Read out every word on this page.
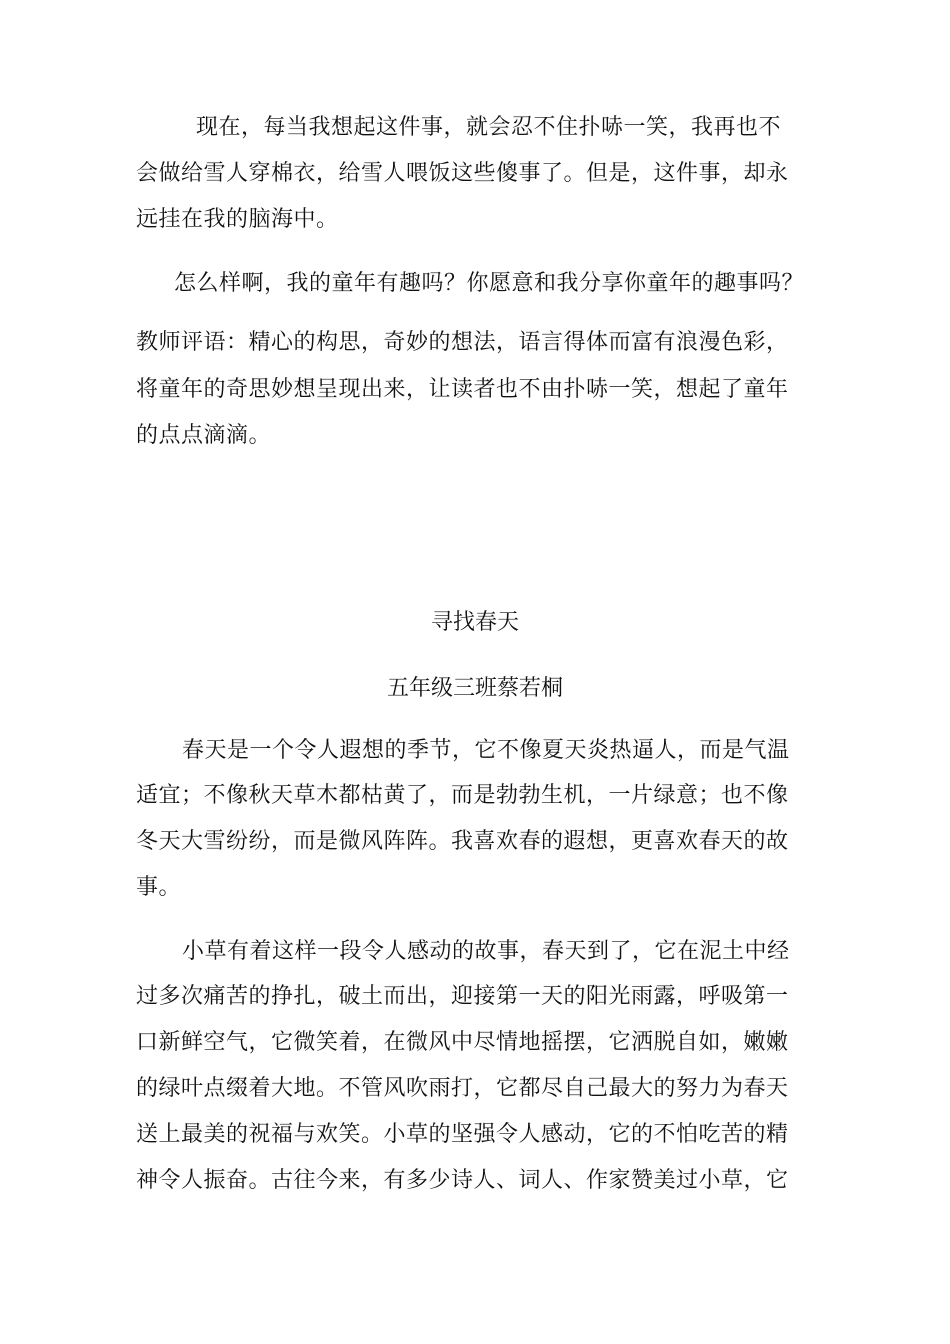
现在，每当我想起这件事，就会忍不住扑哧一笑，我再也不
会做给雪人穿棉衣，给雪人喂饭这些傻事了。但是，这件事，却永
远挂在我的脑海中。
怎么样啊，我的童年有趣吗？你愿意和我分享你童年的趣事吗？
教师评语：精心的构思，奇妙的想法，语言得体而富有浪漫色彩，
将童年的奇思妙想呈现出来，让读者也不由扑哧一笑，想起了童年
的点点滴滴。
寻找春天
五年级三班蔡若桐
春天是一个令人遐想的季节，它不像夏天炎热逼人，而是气温
适宜；不像秋天草木都枯黄了，而是勃勃生机，一片绿意；也不像
冬天大雪纷纷，而是微风阵阵。我喜欢春的遐想，更喜欢春天的故
事。
小草有着这样一段令人感动的故事，春天到了，它在泥土中经
过多次痛苦的挣扎，破土而出，迎接第一天的阳光雨露，呼吸第一
口新鲜空气，它微笑着，在微风中尽情地摇摆，它洒脱自如，嫩嫩
的绿叶点缀着大地。不管风吹雨打，它都尽自己最大的努力为春天
送上最美的祝福与欢笑。小草的坚强令人感动，它的不怕吃苦的精
神令人振奋。古往今来，有多少诗人、词人、作家赞美过小草，它
